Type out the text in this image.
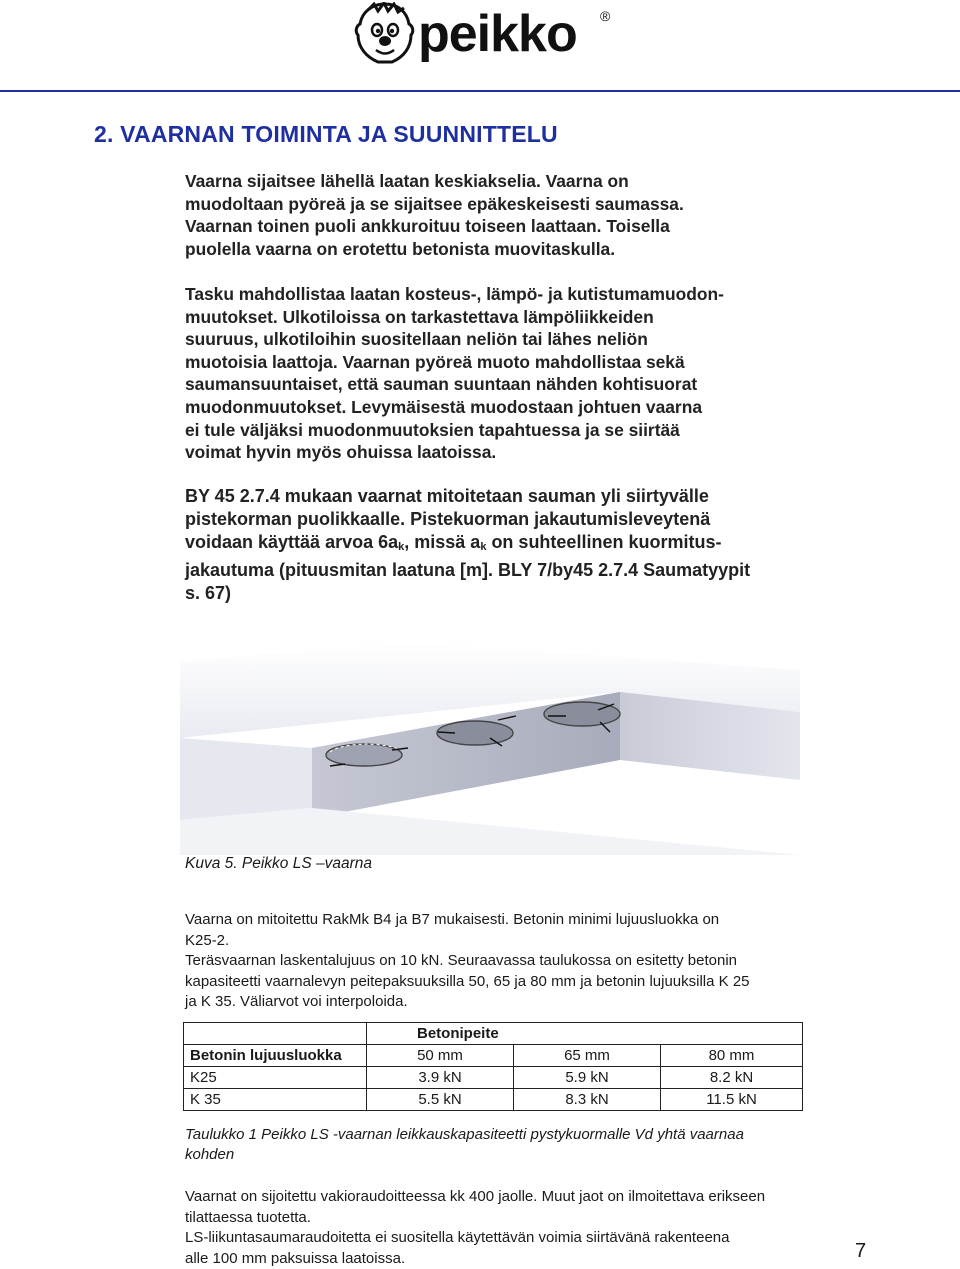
peikko ®
2. VAARNAN TOIMINTA JA SUUNNITTELU
Vaarna sijaitsee lähellä laatan keskiakselia. Vaarna on
muodoltaan pyöreä ja se sijaitsee epäkeskeisesti saumassa.
Vaarnan toinen puoli ankkuroituu toiseen laattaan. Toisella
puolella vaarna on erotettu betonista muovitaskulla.
Tasku mahdollistaa laatan kosteus-, lämpö- ja kutistumamuodon-
muutokset. Ulkotiloissa on tarkastettava lämpöliikkeiden
suuruus, ulkotiloihin suositellaan neliön tai lähes neliön
muotoisia laattoja. Vaarnan pyöreä muoto mahdollistaa sekä
saumansuuntaiset, että sauman suuntaan nähden kohtisuorat
muodonmuutokset. Levymäisestä muodostaan johtuen vaarna
ei tule väljäksi muodonmuutoksien tapahtuessa ja se siirtää
voimat hyvin myös ohuissa laatoissa.
BY 45 2.7.4 mukaan vaarnat mitoitetaan sauman yli siirtyvälle
pistekorman puolikkaalle. Pistekuorman jakautumisleveytenä
voidaan käyttää arvoa $6a_k$, missä $a_k$ on suhteellinen kuormitus-
jakautuma (pituusmitan laatuna [m]. BLY 7/by45 2.7.4 Saumatyypit
s. 67)
Kuva 5. Peikko LS –vaarna
Vaarna on mitoitettu RakMk B4 ja B7 mukaisesti. Betonin minimi lujuusluokka on
K25-2.
Teräsvaarnan laskentalujuus on 10 kN. Seuraavassa taulukossa on esitetty betonin
kapasiteetti vaarnalevyn peitepaksuuksilla 50, 65 ja 80 mm ja betonin lujuuksilla K 25
ja K 35. Väliarvot voi interpoloida.
	Betonipeite		
Betonin lujuusluokka	50 mm	65 mm	80 mm
K25	3.9 kN	5.9 kN	8.2 kN
K 35	5.5 kN	8.3 kN	11.5 kN
Taulukko 1 Peikko LS -vaarnan leikkauskapasiteetti pystykuormalle Vd yhtä vaarnaa
kohden
Vaarnat on sijoitettu vakioraudoitteessa kk 400 jaolle. Muut jaot on ilmoitettava erikseen
tilattaessa tuotetta.
LS-liikuntasaumaraudoitetta ei suositella käytettävän voimia siirtävänä rakenteena
alle 100 mm paksuissa laatoissa.	7
